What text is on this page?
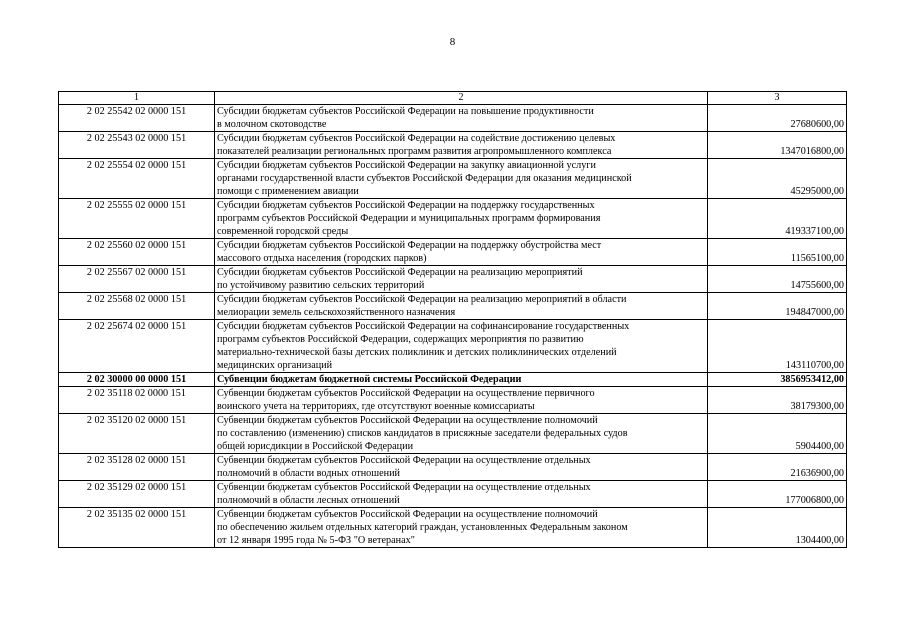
8
1	2	3
2 02 25542 02 0000 151	Субсидии бюджетам субъектов Российской Федерации на повышение продуктивности
в молочном скотоводстве	27680600,00
2 02 25543 02 0000 151	Субсидии бюджетам субъектов Российской Федерации на содействие достижению целевых
показателей реализации региональных программ развития агропромышленного комплекса	1347016800,00
2 02 25554 02 0000 151	Субсидии бюджетам субъектов Российской Федерации на закупку авиационной услуги
органами государственной власти субъектов Российской Федерации для оказания медицинской
помощи с применением авиации	45295000,00
2 02 25555 02 0000 151	Субсидии бюджетам субъектов Российской Федерации на поддержку государственных
программ субъектов Российской Федерации и муниципальных программ формирования
современной городской среды	419337100,00
2 02 25560 02 0000 151	Субсидии бюджетам субъектов Российской Федерации на поддержку обустройства мест
массового отдыха населения (городских парков)	11565100,00
2 02 25567 02 0000 151	Субсидии бюджетам субъектов Российской Федерации на реализацию мероприятий
по устойчивому развитию сельских территорий	14755600,00
2 02 25568 02 0000 151	Субсидии бюджетам субъектов Российской Федерации на реализацию мероприятий в области
мелиорации земель сельскохозяйственного назначения	194847000,00
2 02 25674 02 0000 151	Субсидии бюджетам субъектов Российской Федерации на софинансирование государственных
программ субъектов Российской Федерации, содержащих мероприятия по развитию
материально-технической базы детских поликлиник и детских поликлинических отделений
медицинских организаций	143110700,00
2 02 30000 00 0000 151	Субвенции бюджетам бюджетной системы Российской Федерации	3856953412,00
2 02 35118 02 0000 151	Субвенции бюджетам субъектов Российской Федерации на осуществление первичного
воинского учета на территориях, где отсутствуют военные комиссариаты	38179300,00
2 02 35120 02 0000 151	Субвенции бюджетам субъектов Российской Федерации на осуществление полномочий
по составлению (изменению) списков кандидатов в присяжные заседатели федеральных судов
общей юрисдикции в Российской Федерации	5904400,00
2 02 35128 02 0000 151	Субвенции бюджетам субъектов Российской Федерации на осуществление отдельных
полномочий в области водных отношений	21636900,00
2 02 35129 02 0000 151	Субвенции бюджетам субъектов Российской Федерации на осуществление отдельных
полномочий в области лесных отношений	177006800,00
2 02 35135 02 0000 151	Субвенции бюджетам субъектов Российской Федерации на осуществление полномочий
по обеспечению жильем отдельных категорий граждан, установленных Федеральным законом
от 12 января 1995 года № 5-ФЗ "О ветеранах"	1304400,00
